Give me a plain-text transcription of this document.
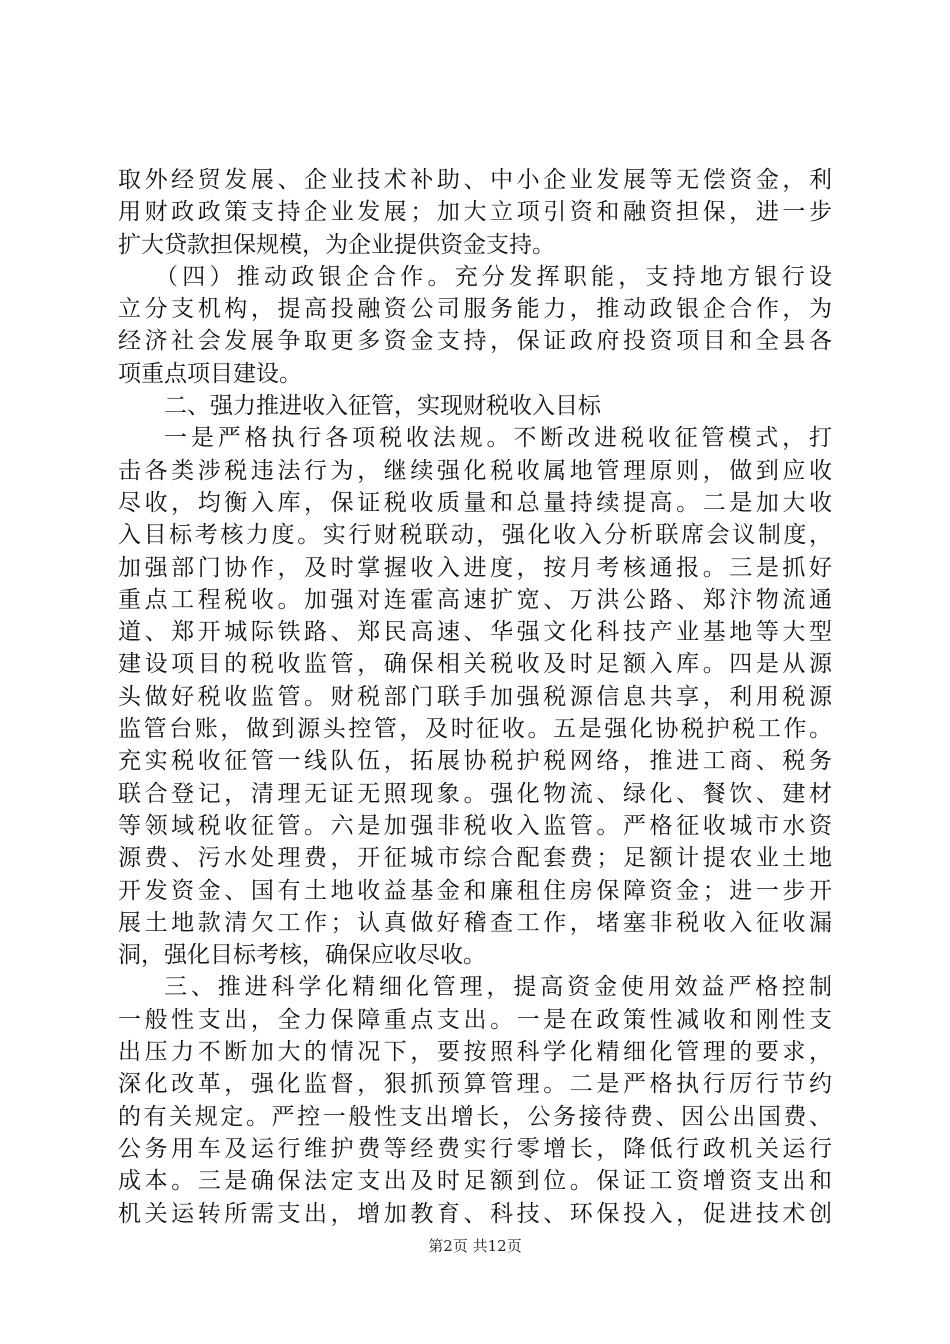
取外经贸发展、企业技术补助、中小企业发展等无偿资金，利
用财政政策支持企业发展；加大立项引资和融资担保，进一步
扩大贷款担保规模，为企业提供资金支持。
（四）推动政银企合作。充分发挥职能，支持地方银行设
立分支机构，提高投融资公司服务能力，推动政银企合作，为
经济社会发展争取更多资金支持，保证政府投资项目和全县各
项重点项目建设。
二、强力推进收入征管，实现财税收入目标
一是严格执行各项税收法规。不断改进税收征管模式，打
击各类涉税违法行为，继续强化税收属地管理原则，做到应收
尽收，均衡入库，保证税收质量和总量持续提高。二是加大收
入目标考核力度。实行财税联动，强化收入分析联席会议制度，
加强部门协作，及时掌握收入进度，按月考核通报。三是抓好
重点工程税收。加强对连霍高速扩宽、万洪公路、郑汴物流通
道、郑开城际铁路、郑民高速、华强文化科技产业基地等大型
建设项目的税收监管，确保相关税收及时足额入库。四是从源
头做好税收监管。财税部门联手加强税源信息共享，利用税源
监管台账，做到源头控管，及时征收。五是强化协税护税工作。
充实税收征管一线队伍，拓展协税护税网络，推进工商、税务
联合登记，清理无证无照现象。强化物流、绿化、餐饮、建材
等领域税收征管。六是加强非税收入监管。严格征收城市水资
源费、污水处理费，开征城市综合配套费；足额计提农业土地
开发资金、国有土地收益基金和廉租住房保障资金；进一步开
展土地款清欠工作；认真做好稽查工作，堵塞非税收入征收漏
洞，强化目标考核，确保应收尽收。
三、推进科学化精细化管理，提高资金使用效益严格控制
一般性支出，全力保障重点支出。一是在政策性减收和刚性支
出压力不断加大的情况下，要按照科学化精细化管理的要求，
深化改革，强化监督，狠抓预算管理。二是严格执行厉行节约
的有关规定。严控一般性支出增长，公务接待费、因公出国费、
公务用车及运行维护费等经费实行零增长，降低行政机关运行
成本。三是确保法定支出及时足额到位。保证工资增资支出和
机关运转所需支出，增加教育、科技、环保投入，促进技术创
第2页 共12页
